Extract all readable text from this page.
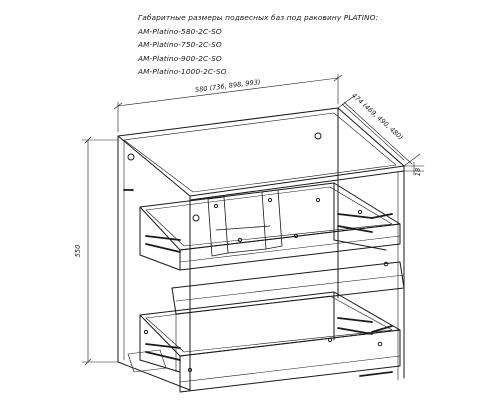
Габаритные размеры подвесных баз под раковину PLATINO:
AM-Platino-580-2C-SO
AM-Platino-750-2C-SO
AM-Platino-900-2C-SO
AM-Platino-1000-2C-SO
580 (736, 898, 993)
474 (469, 490, 480)
550
18
